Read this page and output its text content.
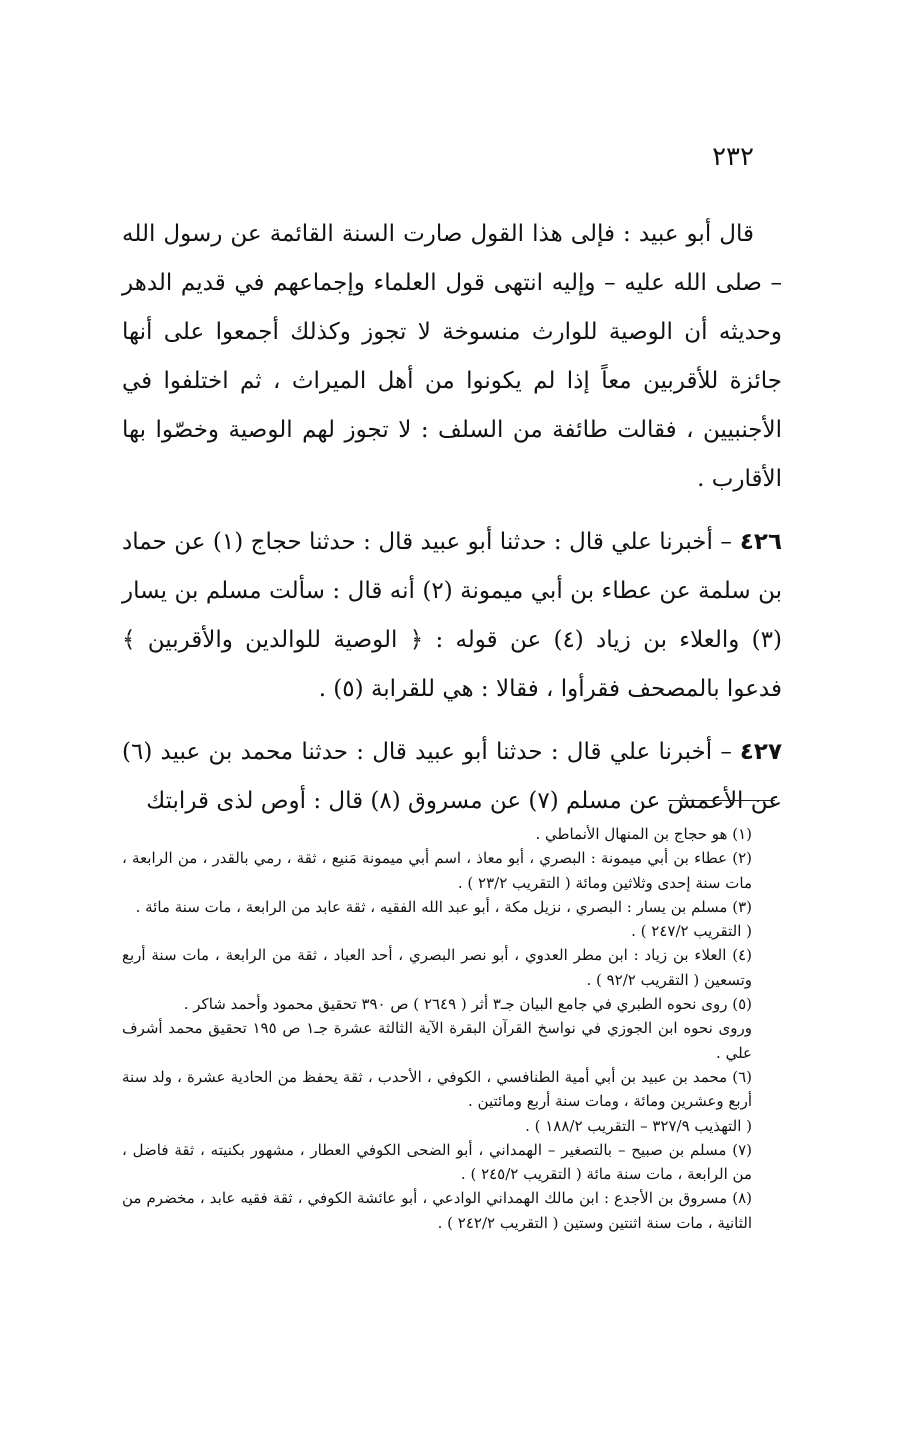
٢٣٢

قال أبو عبيد : فإلى هذا القول صارت السنة القائمة عن رسول الله – صلى الله عليه – وإليه انتهى قول العلماء وإجماعهم في قديم الدهر وحديثه أن الوصية للوارث منسوخة لا تجوز وكذلك أجمعوا على أنها جائزة للأقربين معاً إذا لم يكونوا من أهل الميراث ، ثم اختلفوا في الأجنبيين ، فقالت طائفة من السلف : لا تجوز لهم الوصية وخصّوا بها الأقارب .

٤٢٦– أخبرنا علي قال : حدثنا أبو عبيد قال : حدثنا حجاج (١) عن حماد بن سلمة عن عطاء بن أبي ميمونة (٢) أنه قال : سألت مسلم بن يسار (٣) والعلاء بن زياد (٤) عن قوله : ﴿ الوصية للوالدين والأقربين ﴾ فدعوا بالمصحف فقرأوا ، فقالا : هي للقرابة (٥) .

٤٢٧– أخبرنا علي قال : حدثنا أبو عبيد قال : حدثنا محمد بن عبيد (٦) عن الأعمش عن مسلم (٧) عن مسروق (٨) قال : أوص لذى قرابتك

(١) هو حجاج بن المنهال الأنماطي .

(٢) عطاء بن أبي ميمونة : البصري ، أبو معاذ ، اسم أبي ميمونة مَنيع ، ثقة ، رمي بالقدر ، من الرابعة ، مات سنة إحدى وثلاثين ومائة ( التقريب ٢٣/٢ ) .

(٣) مسلم بن يسار : البصري ، نزيل مكة ، أبو عبد الله الفقيه ، ثقة عابد من الرابعة ، مات سنة مائة .

( التقريب ٢٤٧/٢ ) .

(٤) العلاء بن زياد : ابن مطر العدوي ، أبو نصر البصري ، أحد العباد ، ثقة من الرابعة ، مات سنة أربع وتسعين ( التقريب ٩٢/٢ ) .

(٥) روى نحوه الطبري في جامع البيان جـ٣ أثر ( ٢٦٤٩ ) ص ٣٩٠ تحقيق محمود وأحمد شاكر .

وروى نحوه ابن الجوزي في نواسخ القرآن البقرة الآية الثالثة عشرة جـ١ ص ١٩٥ تحقيق محمد أشرف علي .

(٦) محمد بن عبيد بن أبي أمية الطنافسي ، الكوفي ، الأحدب ، ثقة يحفظ من الحادية عشرة ، ولد سنة أربع وعشرين ومائة ، ومات سنة أربع ومائتين .

( التهذيب ٣٢٧/٩ – التقريب ١٨٨/٢ ) .

(٧) مسلم بن صبيح – بالتصغير – الهمداني ، أبو الضحى الكوفي العطار ، مشهور بكنيته ، ثقة فاضل ، من الرابعة ، مات سنة مائة ( التقريب ٢٤٥/٢ ) .

(٨) مسروق بن الأجدع : ابن مالك الهمداني الوادعي ، أبو عائشة الكوفي ، ثقة فقيه عابد ، مخضرم من الثانية ، مات سنة اثنتين وستين ( التقريب ٢٤٢/٢ ) .
